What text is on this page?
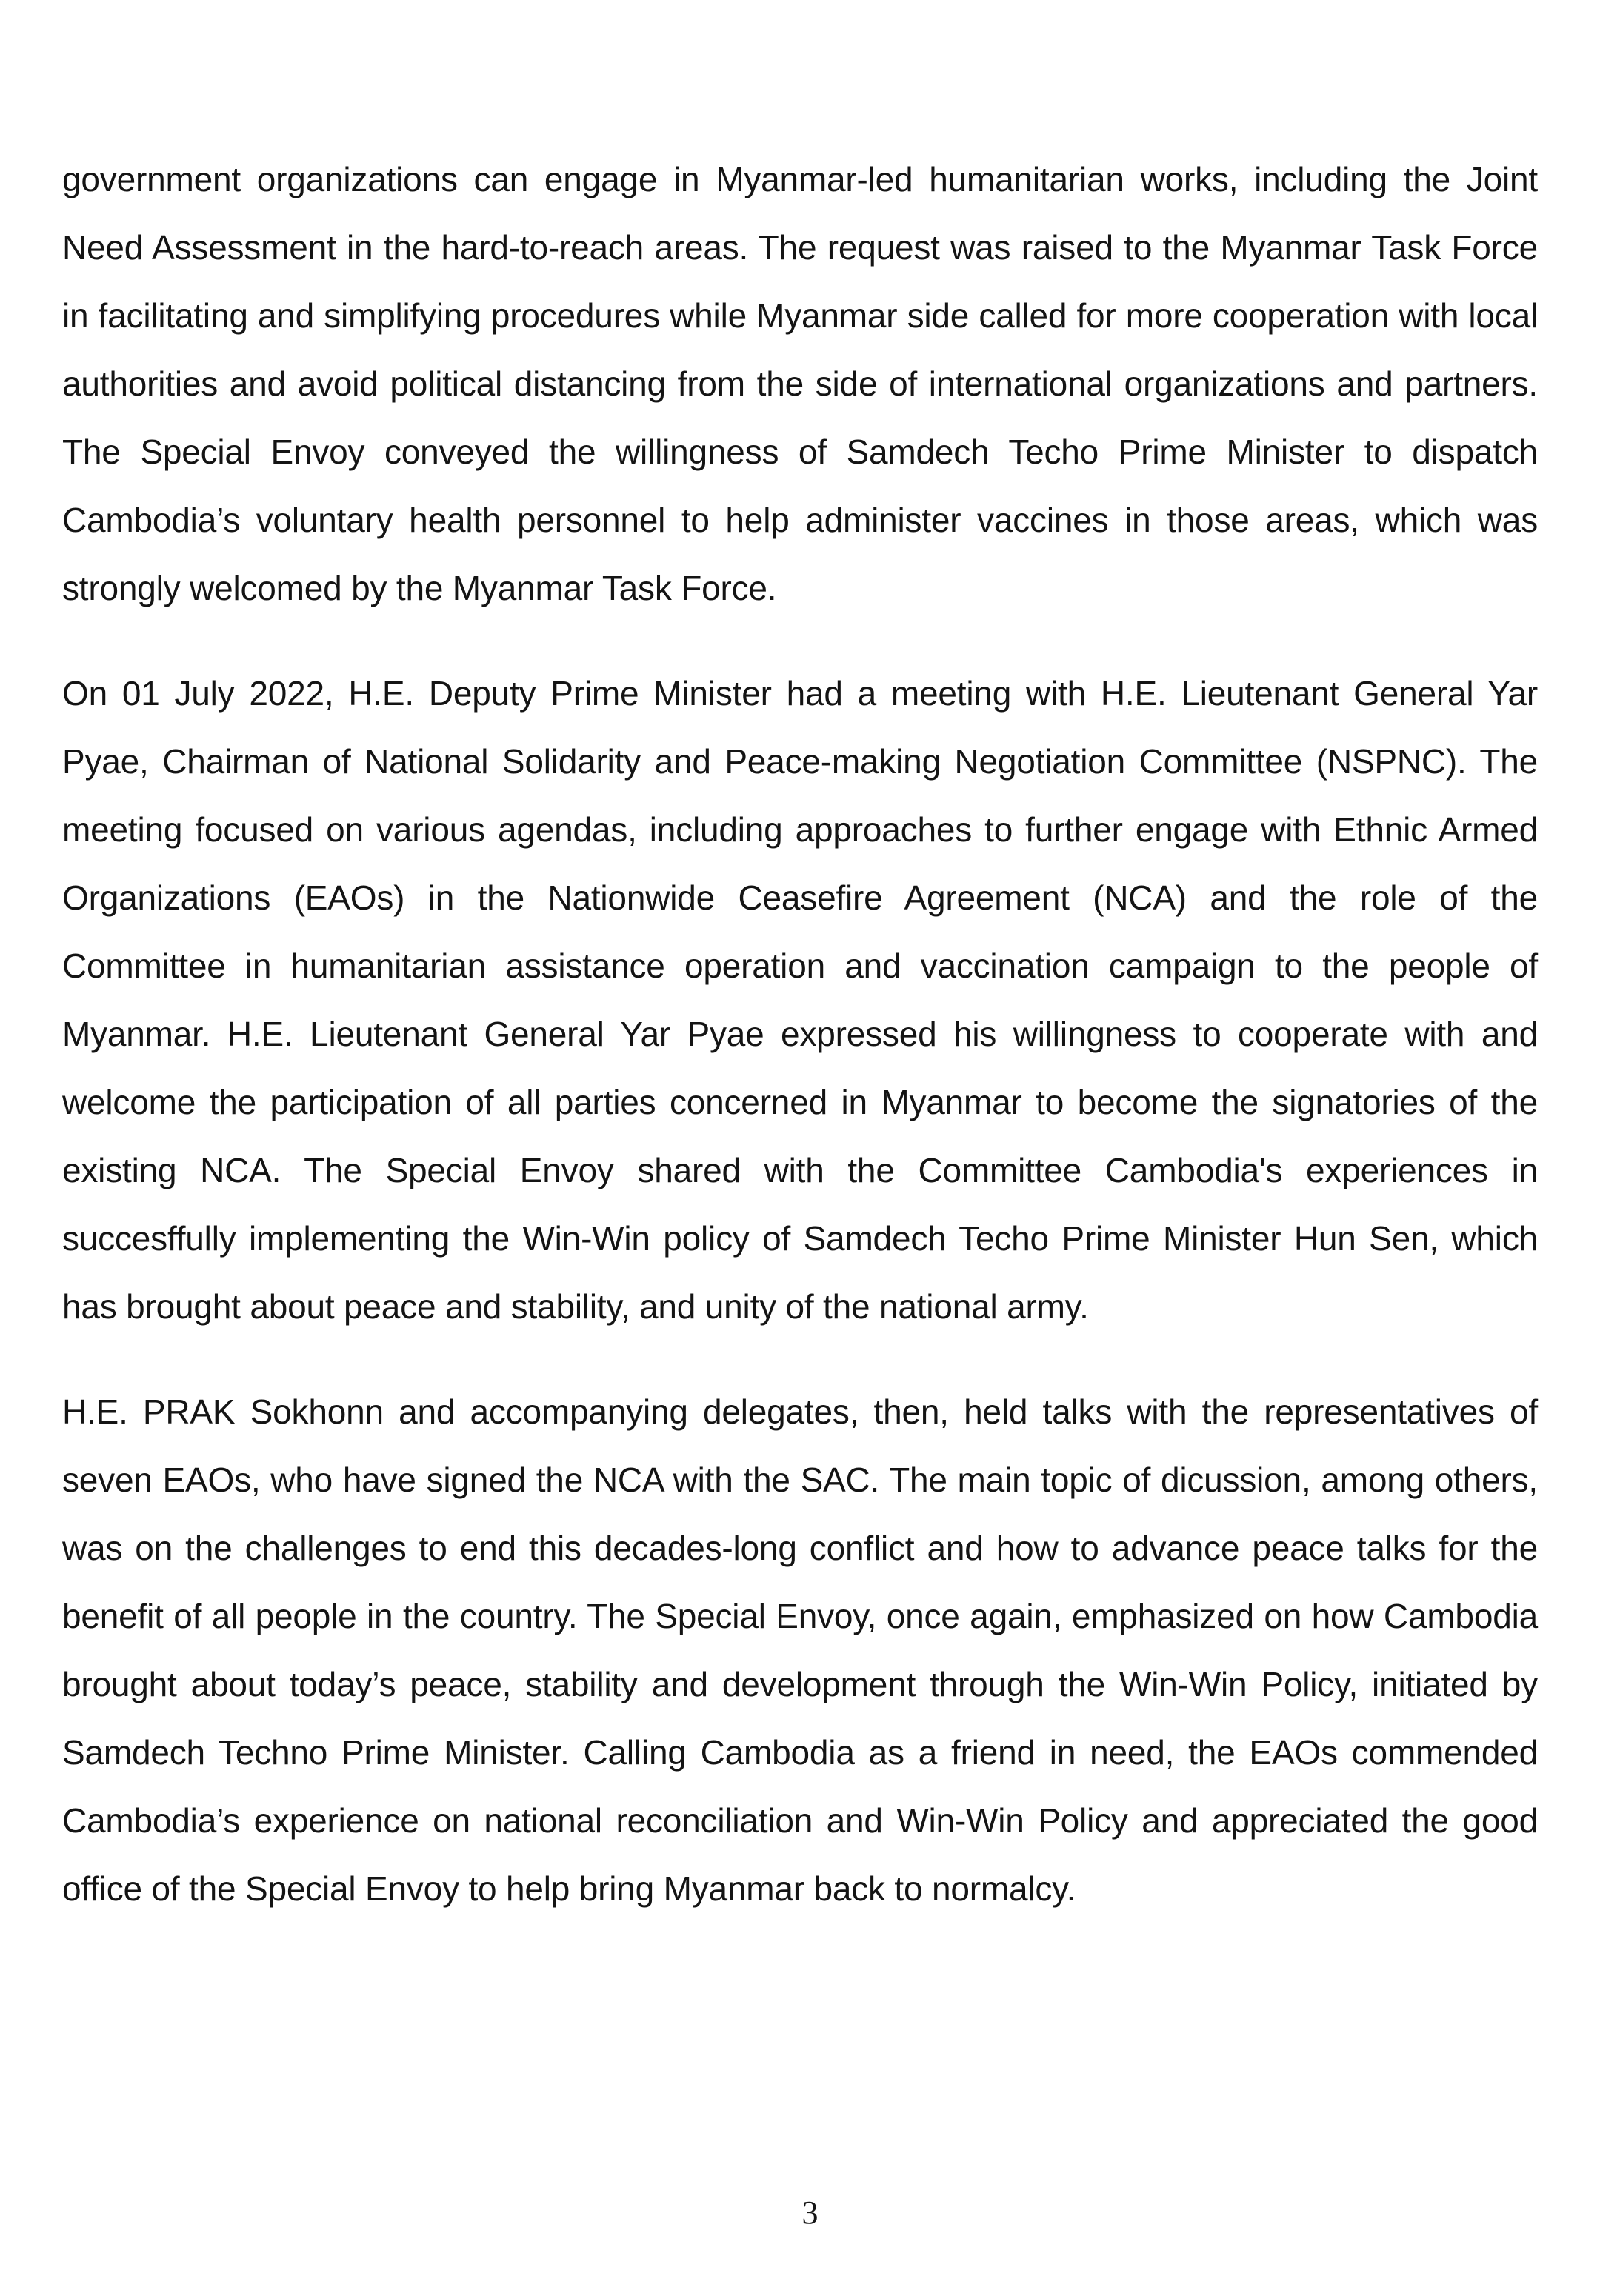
government organizations can engage in Myanmar-led humanitarian works, including the Joint Need Assessment in the hard-to-reach areas. The request was raised to the Myanmar Task Force in facilitating and simplifying procedures while Myanmar side called for more cooperation with local authorities and avoid political distancing from the side of international organizations and partners. The Special Envoy conveyed the willingness of Samdech Techo Prime Minister to dispatch Cambodia’s voluntary health personnel to help administer vaccines in those areas, which was strongly welcomed by the Myanmar Task Force.

On 01 July 2022, H.E. Deputy Prime Minister had a meeting with H.E. Lieutenant General Yar Pyae, Chairman of National Solidarity and Peace-making Negotiation Committee (NSPNC). The meeting focused on various agendas, including approaches to further engage with Ethnic Armed Organizations (EAOs) in the Nationwide Ceasefire Agreement (NCA) and the role of the Committee in humanitarian assistance operation and vaccination campaign to the people of Myanmar. H.E. Lieutenant General Yar Pyae expressed his willingness to cooperate with and welcome the participation of all parties concerned in Myanmar to become the signatories of the existing NCA. The Special Envoy shared with the Committee Cambodia's experiences in succesffully implementing the Win-Win policy of Samdech Techo Prime Minister Hun Sen, which has brought about peace and stability, and unity of the national army.

H.E. PRAK Sokhonn and accompanying delegates, then, held talks with the representatives of seven EAOs, who have signed the NCA with the SAC. The main topic of dicussion, among others, was on the challenges to end this decades-long conflict and how to advance peace talks for the benefit of all people in the country. The Special Envoy, once again, emphasized on how Cambodia brought about today’s peace, stability and development through the Win-Win Policy, initiated by Samdech Techno Prime Minister. Calling Cambodia as a friend in need, the EAOs commended Cambodia’s experience on national reconciliation and Win-Win Policy and appreciated the good office of the Special Envoy to help bring Myanmar back to normalcy.

3
